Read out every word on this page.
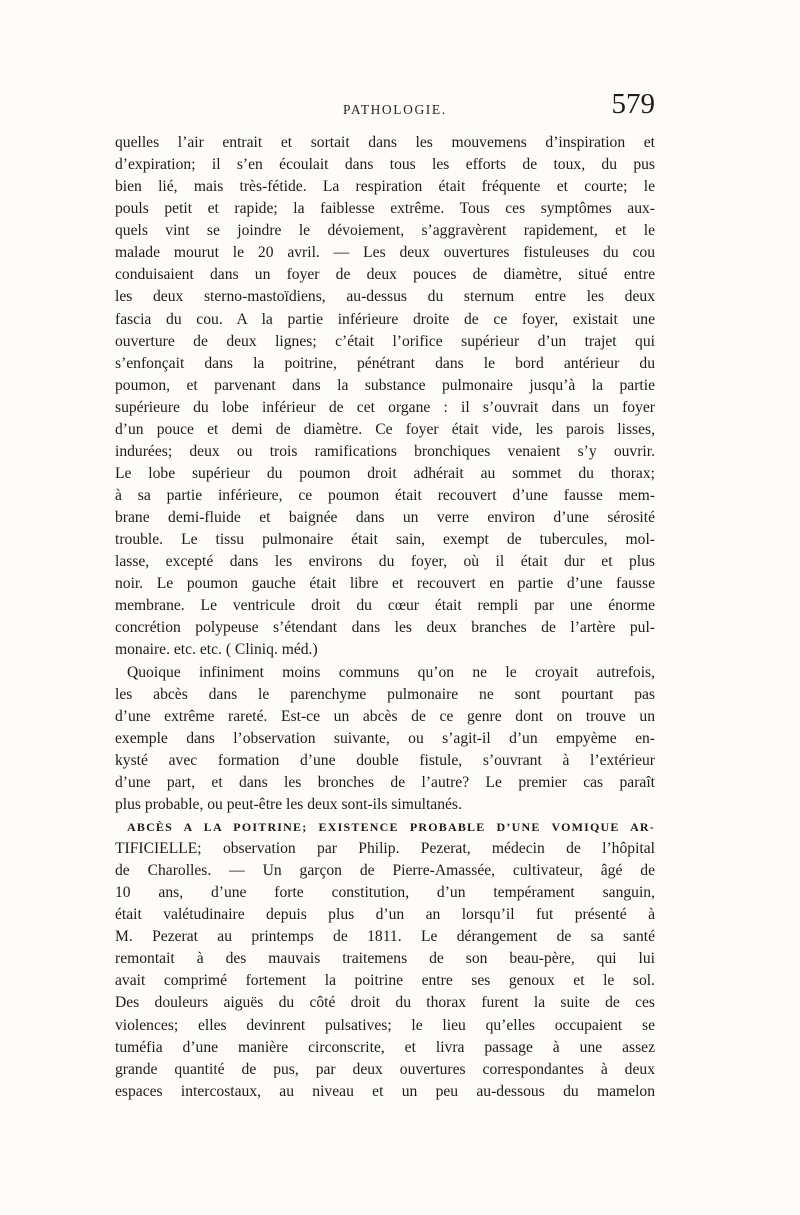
PATHOLOGIE.	579
quelles l’air entrait et sortait dans les mouvemens d’inspiration et
d’expiration; il s’en écoulait dans tous les efforts de toux, du pus
bien lié, mais très-fétide. La respiration était fréquente et courte; le
pouls petit et rapide; la faiblesse extrême. Tous ces symptômes aux-
quels vint se joindre le dévoiement, s’aggravèrent rapidement, et le
malade mourut le 20 avril. — Les deux ouvertures fistuleuses du cou
conduisaient dans un foyer de deux pouces de diamètre, situé entre
les deux sterno-mastoïdiens, au-dessus du sternum entre les deux
fascia du cou. A la partie inférieure droite de ce foyer, existait une
ouverture de deux lignes; c’était l’orifice supérieur d’un trajet qui
s’enfonçait dans la poitrine, pénétrant dans le bord antérieur du
poumon, et parvenant dans la substance pulmonaire jusqu’à la partie
supérieure du lobe inférieur de cet organe : il s’ouvrait dans un foyer
d’un pouce et demi de diamètre. Ce foyer était vide, les parois lisses,
indurées; deux ou trois ramifications bronchiques venaient s’y ouvrir.
Le lobe supérieur du poumon droit adhérait au sommet du thorax;
à sa partie inférieure, ce poumon était recouvert d’une fausse mem-
brane demi-fluide et baignée dans un verre environ d’une sérosité
trouble. Le tissu pulmonaire était sain, exempt de tubercules, mol-
lasse, excepté dans les environs du foyer, où il était dur et plus
noir. Le poumon gauche était libre et recouvert en partie d’une fausse
membrane. Le ventricule droit du cœur était rempli par une énorme
concrétion polypeuse s’étendant dans les deux branches de l’artère pul-
monaire. etc. etc. ( Cliniq. méd.)
Quoique infiniment moins communs qu’on ne le croyait autrefois,
les abcès dans le parenchyme pulmonaire ne sont pourtant pas
d’une extrême rareté. Est-ce un abcès de ce genre dont on trouve un
exemple dans l’observation suivante, ou s’agit-il d’un empyème en-
kysté avec formation d’une double fistule, s’ouvrant à l’extérieur
d’une part, et dans les bronches de l’autre? Le premier cas paraît
plus probable, ou peut-être les deux sont-ils simultanés.
ABCÈS A LA POITRINE; EXISTENCE PROBABLE D’UNE VOMIQUE AR-
TIFICIELLE; observation par Philip. Pezerat, médecin de l’hôpital
de Charolles. — Un garçon de Pierre-Amassée, cultivateur, âgé de
10 ans, d’une forte constitution, d’un tempérament sanguin,
était valétudinaire depuis plus d’un an lorsqu’il fut présenté à
M. Pezerat au printemps de 1811. Le dérangement de sa santé
remontait à des mauvais traitemens de son beau-père, qui lui
avait comprimé fortement la poitrine entre ses genoux et le sol.
Des douleurs aiguës du côté droit du thorax furent la suite de ces
violences; elles devinrent pulsatives; le lieu qu’elles occupaient se
tuméfia d’une manière circonscrite, et livra passage à une assez
grande quantité de pus, par deux ouvertures correspondantes à deux
espaces intercostaux, au niveau et un peu au-dessous du mamelon
